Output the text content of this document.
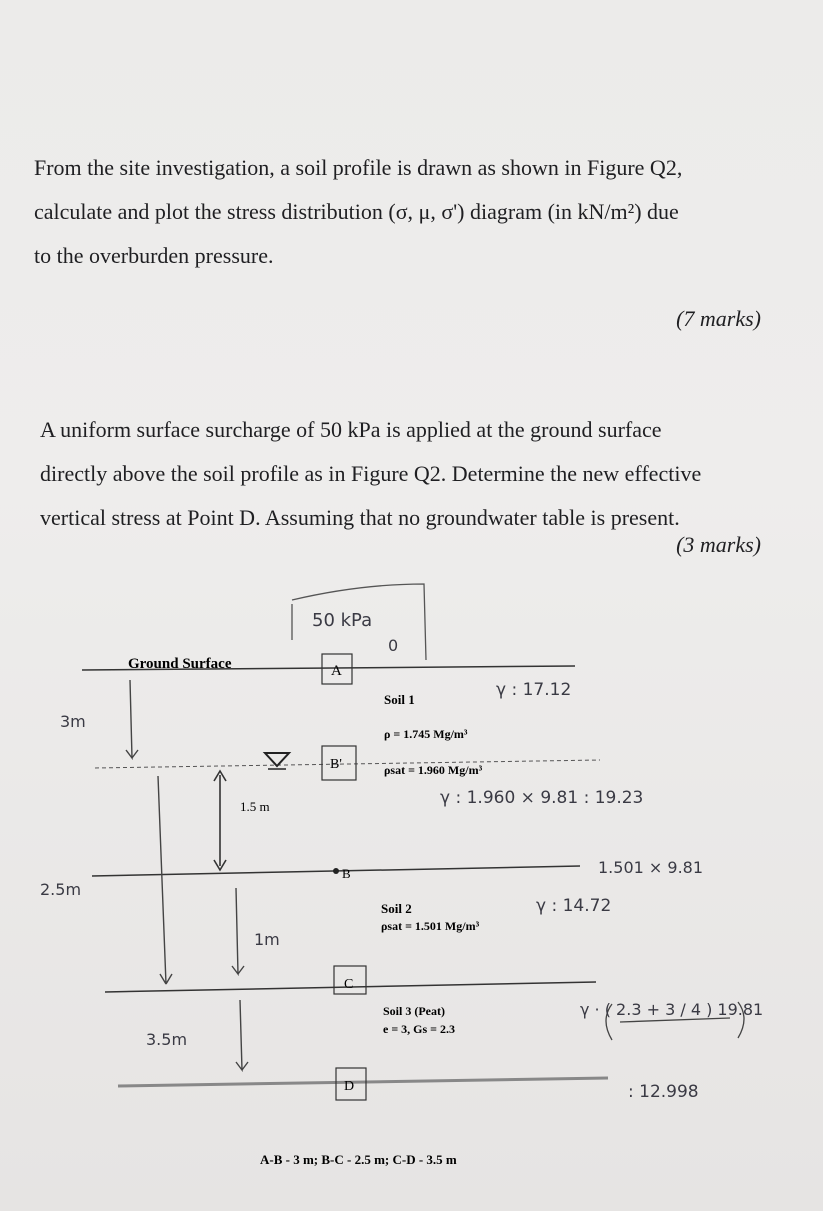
From the site investigation, a soil profile is drawn as shown in Figure Q2,
calculate and plot the stress distribution (σ, μ, σ') diagram (in kN/m²) due
to the overburden pressure.
(7 marks)
A uniform surface surcharge of 50 kPa is applied at the ground surface
directly above the soil profile as in Figure Q2. Determine the new effective
vertical stress at Point D. Assuming that no groundwater table is present.
(3 marks)
Ground Surface	A
B'
B
C
D
Soil 1
ρ = 1.745 Mg/m³
ρsat = 1.960 Mg/m³
1.5 m
Soil 2
ρsat = 1.501 Mg/m³
Soil 3 (Peat)
e = 3, Gs = 2.3
A-B - 3 m; B-C - 2.5 m; C-D - 3.5 m
50 kPa
0
3m
2.5m
1m
3.5m
γ : 17.12
γ : 1.960 × 9.81 : 19.23
1.501 × 9.81
γ : 14.72
γ · ( 2.3 + 3 / 4 ) 19.81
: 12.998
